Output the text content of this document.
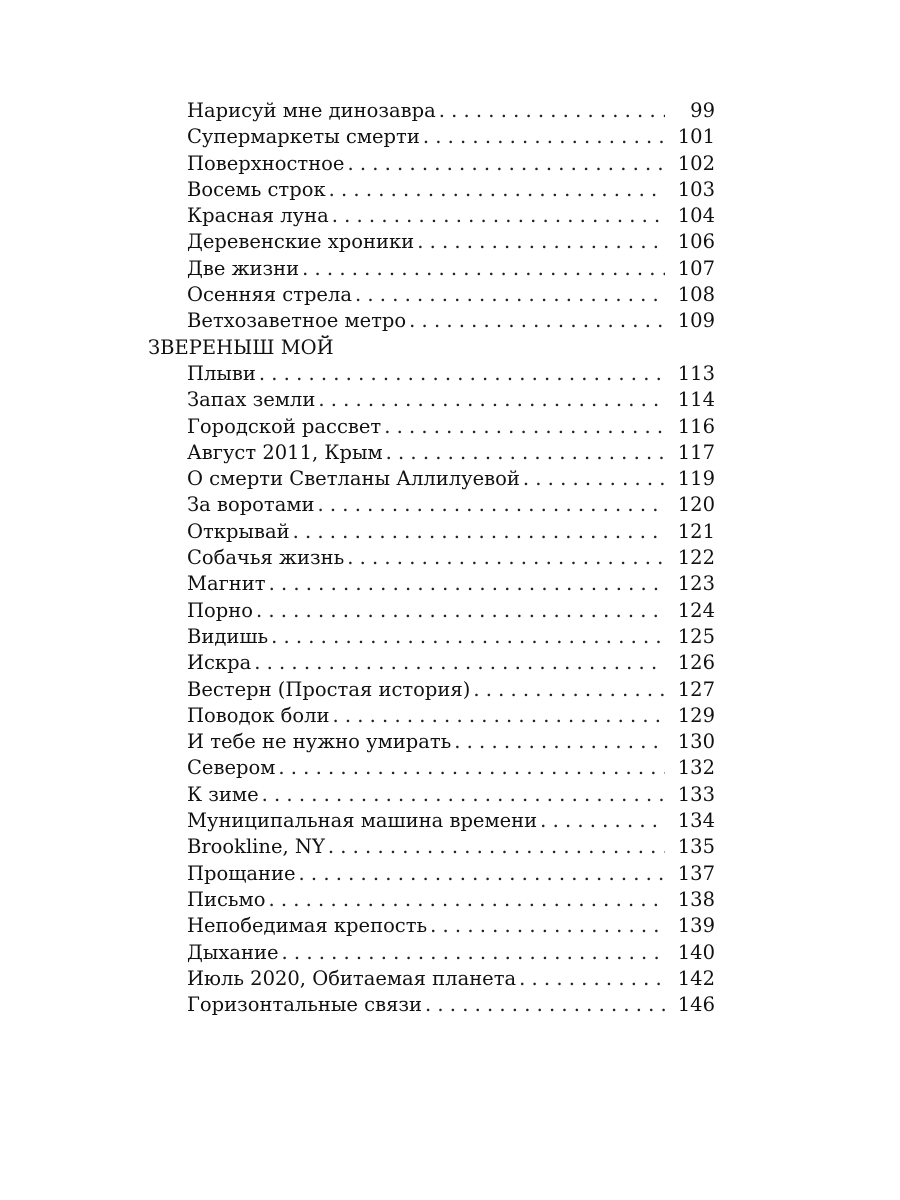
Нарисуй мне динозавра . . .	99
Супермаркеты смерти . . .	101
Поверхностное . . .	102
Восемь строк . . .	103
Красная луна . . .	104
Деревенские хроники . . .	106
Две жизни . . .	107
Осенняя стрела . . .	108
Ветхозаветное метро . . .	109
ЗВЕРЕНЫШ МОЙ
Плыви . . .	113
Запах земли . . .	114
Городской рассвет . . .	116
Август 2011, Крым . . .	117
О смерти Светланы Аллилуевой . . .	119
За воротами . . .	120
Открывай . . .	121
Собачья жизнь . . .	122
Магнит . . .	123
Порно . . .	124
Видишь . . .	125
Искра . . .	126
Вестерн (Простая история) . . .	127
Поводок боли . . .	129
И тебе не нужно умирать . . .	130
Севером . . .	132
К зиме . . .	133
Муниципальная машина времени . . .	134
Brookline, NY . . .	135
Прощание . . .	137
Письмо . . .	138
Непобедимая крепость . . .	139
Дыхание . . .	140
Июль 2020, Обитаемая планета . . .	142
Горизонтальные связи . . .	146
